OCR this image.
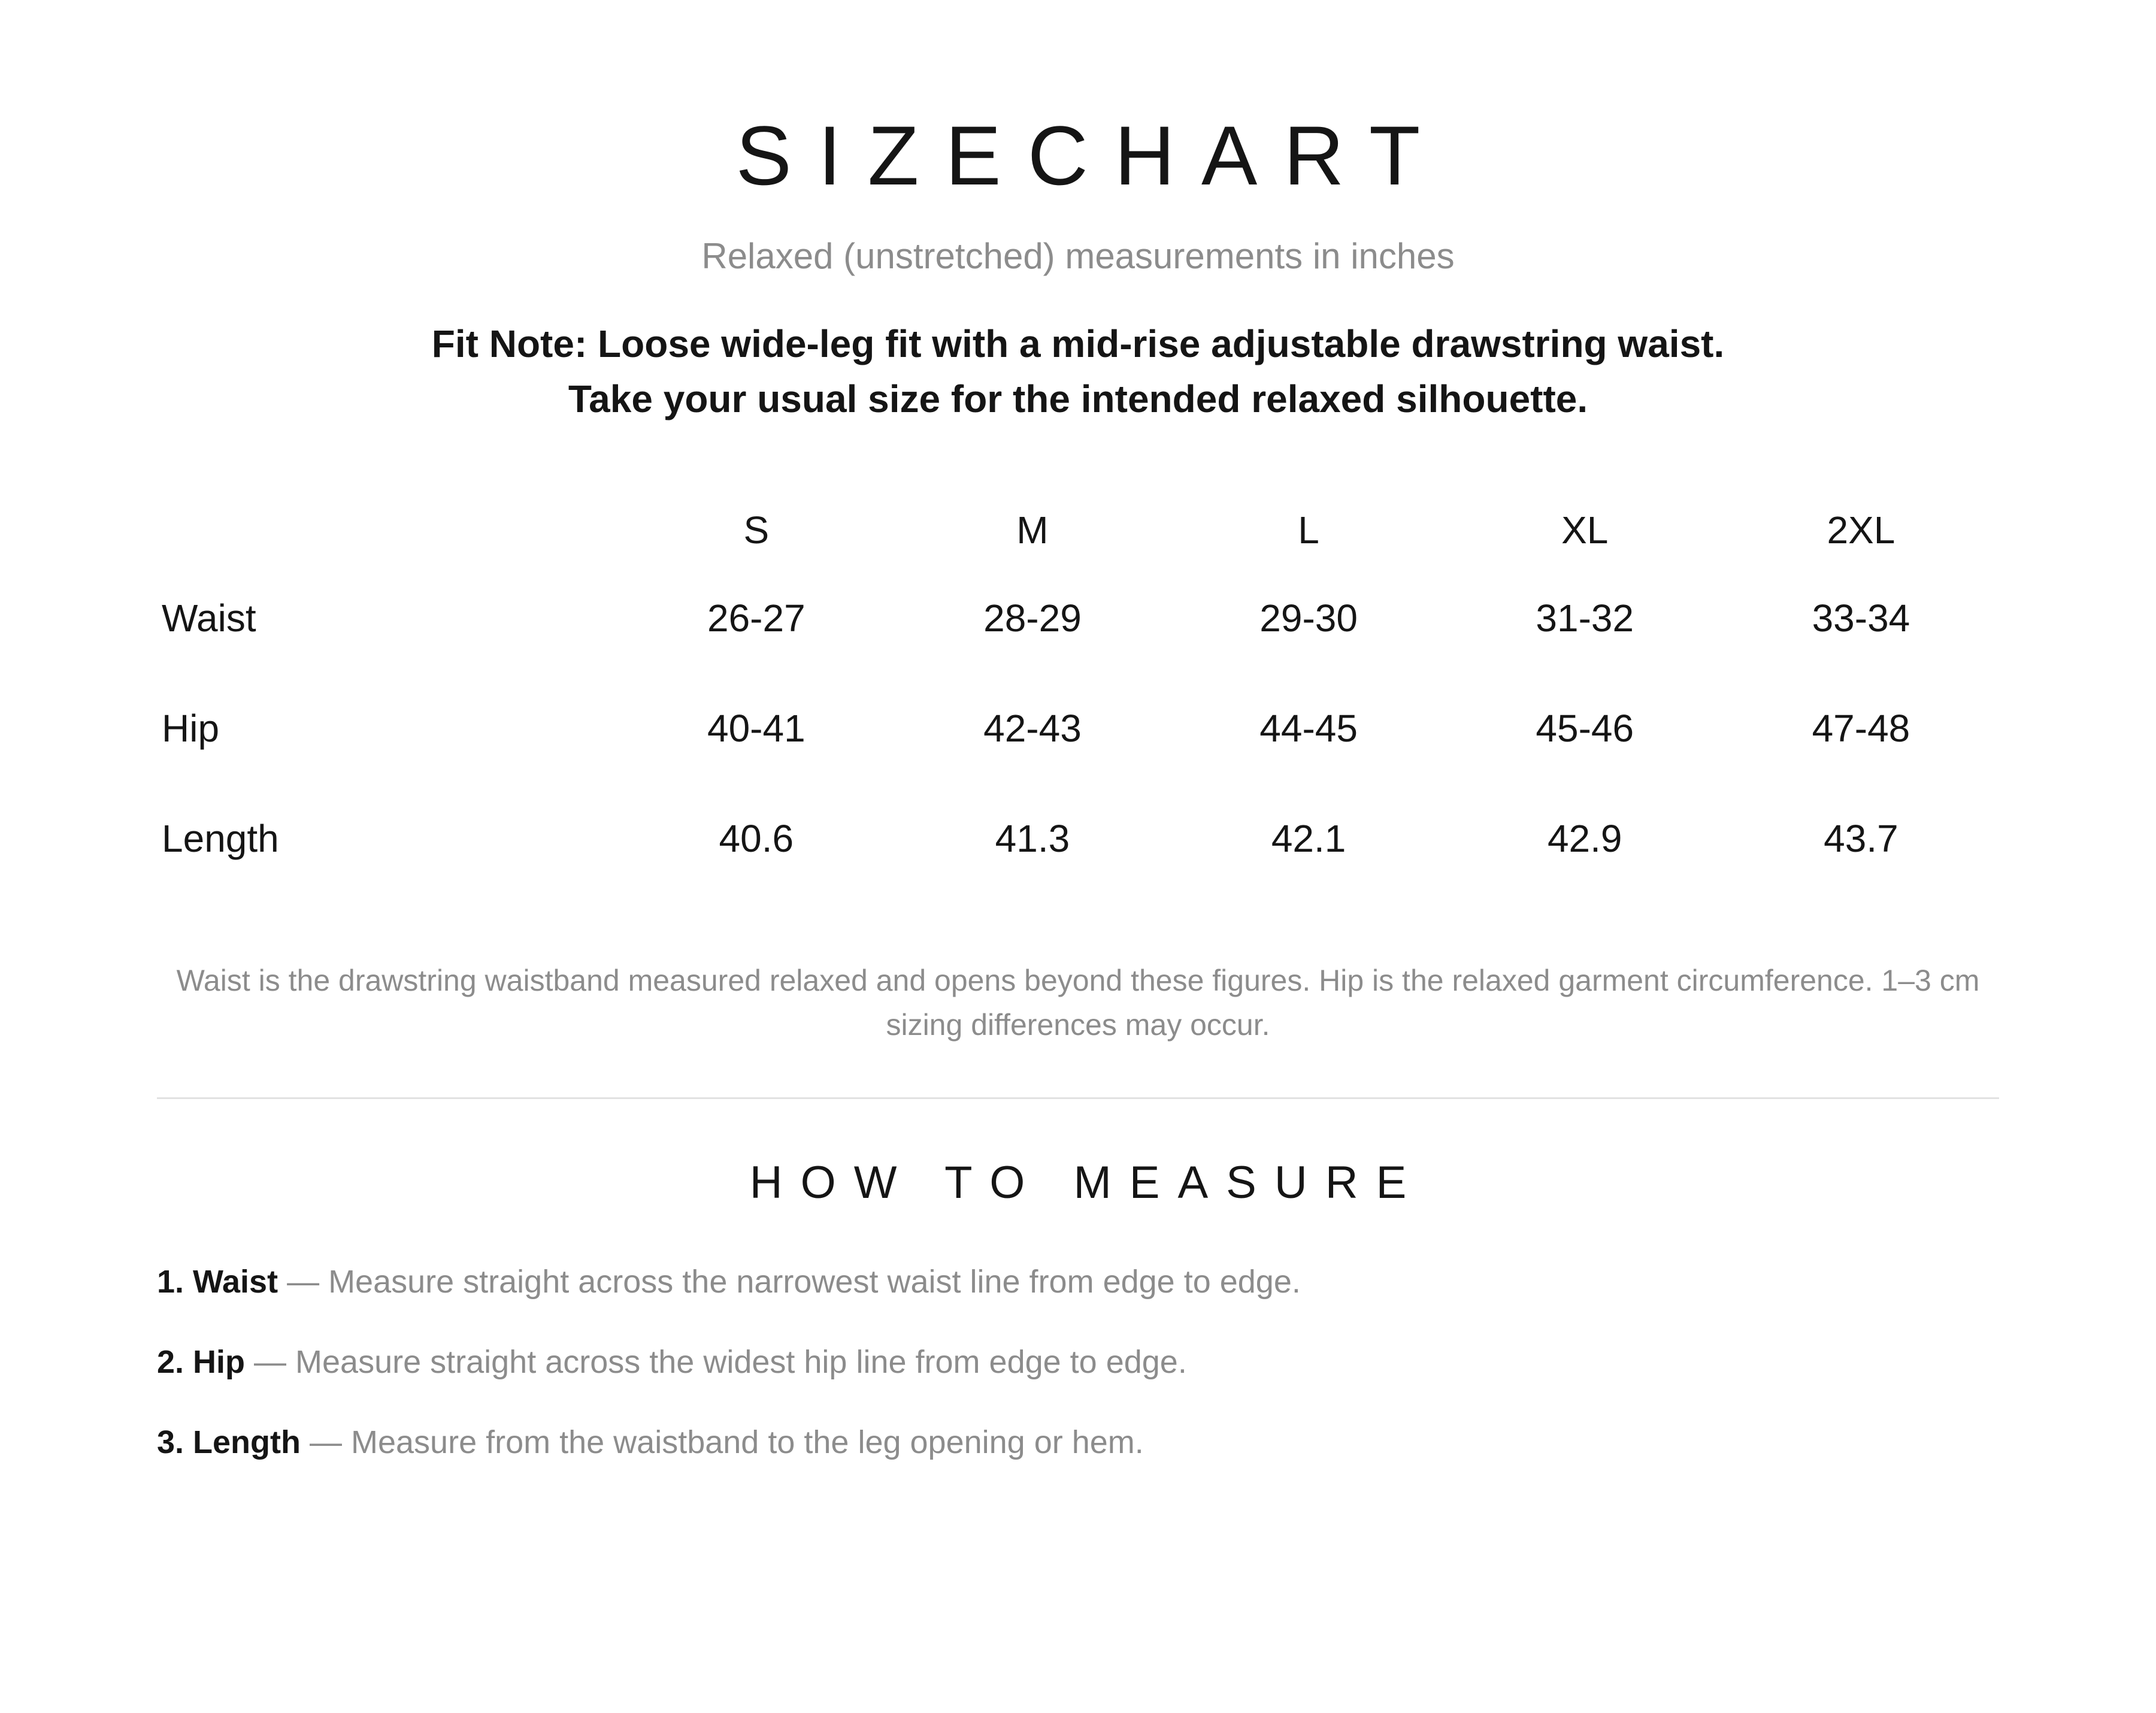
SIZECHART

Relaxed (unstretched) measurements in inches

Fit Note: Loose wide-leg fit with a mid-rise adjustable drawstring waist.
Take your usual size for the intended relaxed silhouette.

	S	M	L	XL	2XL
Waist	26-27	28-29	29-30	31-32	33-34
Hip	40-41	42-43	44-45	45-46	47-48
Length	40.6	41.3	42.1	42.9	43.7

Waist is the drawstring waistband measured relaxed and opens beyond these figures. Hip is the relaxed garment circumference. 1–3 cm sizing differences may occur.

HOW TO MEASURE
1. Waist — Measure straight across the narrowest waist line from edge to edge.
2. Hip — Measure straight across the widest hip line from edge to edge.
3. Length — Measure from the waistband to the leg opening or hem.
